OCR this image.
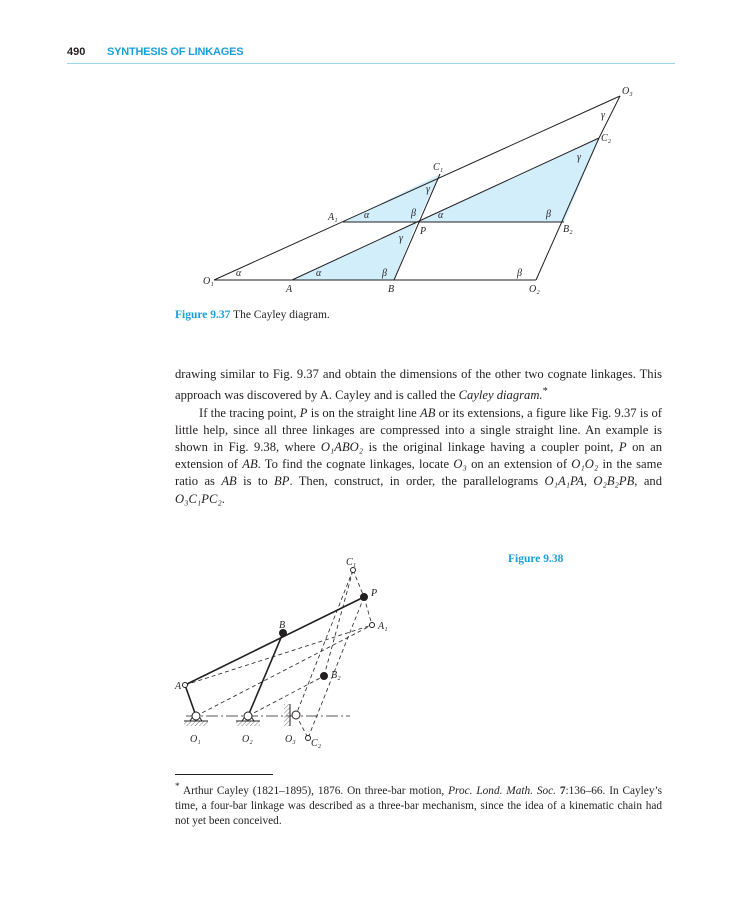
490 SYNTHESIS OF LINKAGES
O₁
A	B	O₂
A₁
P
C₁
B₂
C₂
O₃
α	α	β	β
α	β α
γ
γ
β
γ
γ
Figure 9.37 The Cayley diagram.

drawing similar to Fig. 9.37 and obtain the dimensions of the other two cognate linkages. This approach was discovered by A. Cayley and is called the Cayley diagram.*

If the tracing point, P is on the straight line AB or its extensions, a figure like Fig. 9.37 is of little help, since all three linkages are compressed into a single straight line. An example is shown in Fig. 9.38, where O₁ABO₂ is the original linkage having a coupler point, P on an extension of AB. To find the cognate linkages, locate O₃ on an extension of O₁O₂ in the same ratio as AB is to BP. Then, construct, in order, the parallelograms O₁A₁PA, O₂B₂PB, and O₃C₁PC₂.

C₁
P
A₁
B
B₂
A
O₁	O₂	O₃ C₂
Figure 9.38

* Arthur Cayley (1821–1895), 1876. On three-bar motion, Proc. Lond. Math. Soc. 7:136–66. In Cayley’s time, a four-bar linkage was described as a three-bar mechanism, since the idea of a kinematic chain had not yet been conceived.
